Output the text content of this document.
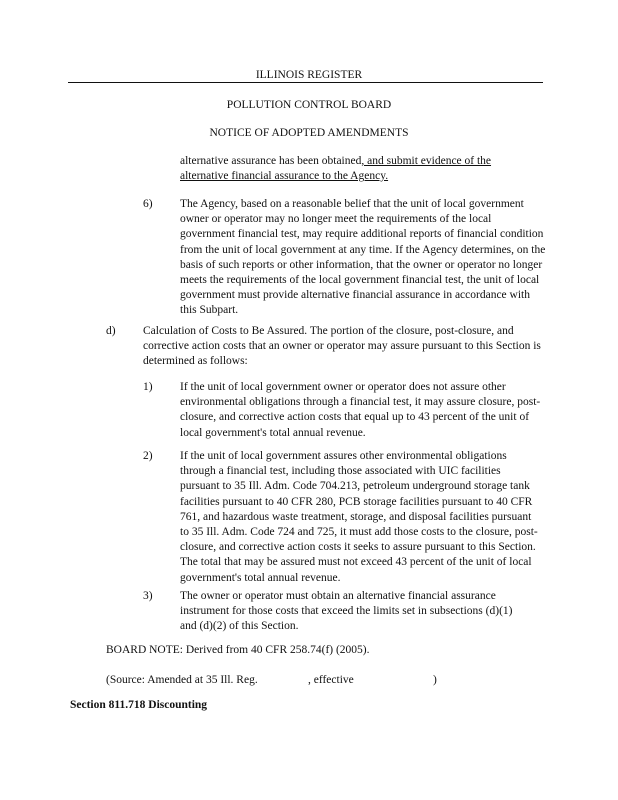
ILLINOIS REGISTER
POLLUTION CONTROL BOARD
NOTICE OF ADOPTED AMENDMENTS
alternative assurance has been obtained, and submit evidence of the alternative financial assurance to the Agency.
6) The Agency, based on a reasonable belief that the unit of local government owner or operator may no longer meet the requirements of the local government financial test, may require additional reports of financial condition from the unit of local government at any time. If the Agency determines, on the basis of such reports or other information, that the owner or operator no longer meets the requirements of the local government financial test, the unit of local government must provide alternative financial assurance in accordance with this Subpart.
d) Calculation of Costs to Be Assured. The portion of the closure, post-closure, and corrective action costs that an owner or operator may assure pursuant to this Section is determined as follows:
1) If the unit of local government owner or operator does not assure other environmental obligations through a financial test, it may assure closure, post-closure, and corrective action costs that equal up to 43 percent of the unit of local government's total annual revenue.
2) If the unit of local government assures other environmental obligations through a financial test, including those associated with UIC facilities pursuant to 35 Ill. Adm. Code 704.213, petroleum underground storage tank facilities pursuant to 40 CFR 280, PCB storage facilities pursuant to 40 CFR 761, and hazardous waste treatment, storage, and disposal facilities pursuant to 35 Ill. Adm. Code 724 and 725, it must add those costs to the closure, post-closure, and corrective action costs it seeks to assure pursuant to this Section. The total that may be assured must not exceed 43 percent of the unit of local government's total annual revenue.
3) The owner or operator must obtain an alternative financial assurance instrument for those costs that exceed the limits set in subsections (d)(1) and (d)(2) of this Section.
BOARD NOTE: Derived from 40 CFR 258.74(f) (2005).
(Source: Amended at 35 Ill. Reg.	, effective	)
Section 811.718 Discounting
